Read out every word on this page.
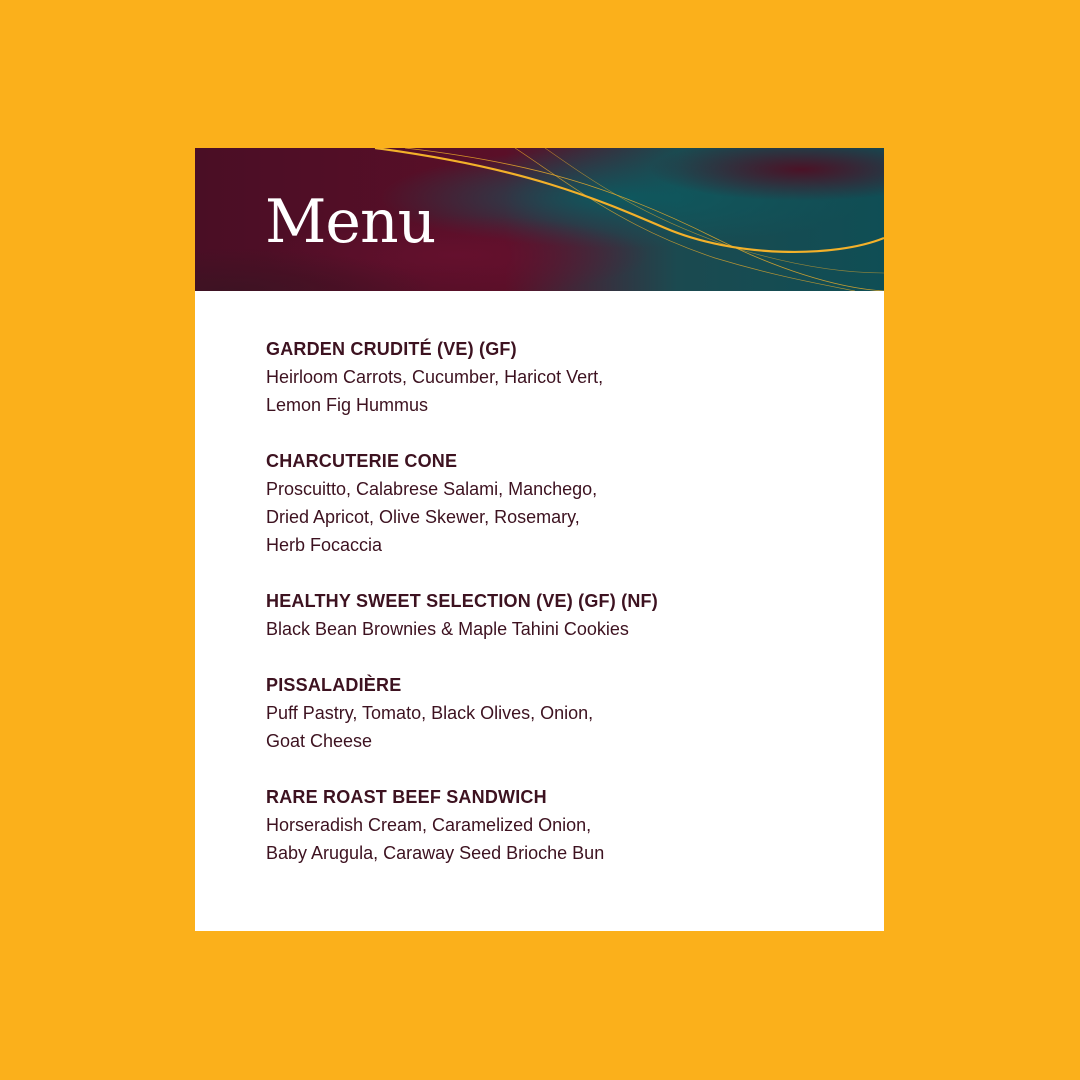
Menu
GARDEN CRUDITÉ (VE) (GF)
Heirloom Carrots, Cucumber, Haricot Vert,
Lemon Fig Hummus
CHARCUTERIE CONE
Proscuitto, Calabrese Salami, Manchego,
Dried Apricot, Olive Skewer, Rosemary,
Herb Focaccia
HEALTHY SWEET SELECTION (VE) (GF) (NF)
Black Bean Brownies & Maple Tahini Cookies
PISSALADIÈRE
Puff Pastry, Tomato, Black Olives, Onion,
Goat Cheese
RARE ROAST BEEF SANDWICH
Horseradish Cream, Caramelized Onion,
Baby Arugula, Caraway Seed Brioche Bun
